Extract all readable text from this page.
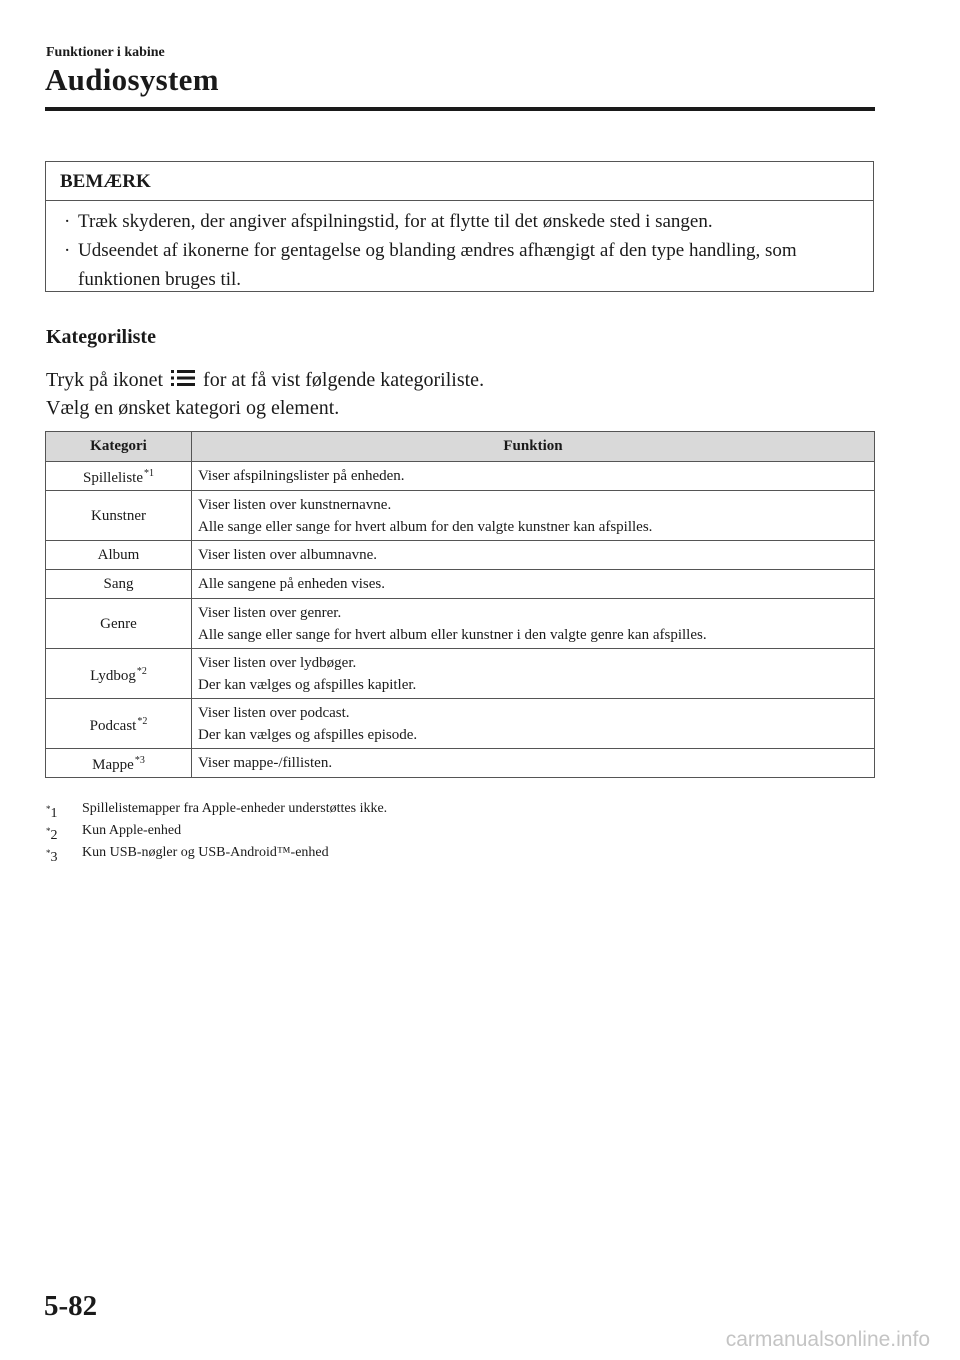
Funktioner i kabine
Audiosystem
BEMÆRK
· Træk skyderen, der angiver afspilningstid, for at flytte til det ønskede sted i sangen.
· Udseendet af ikonerne for gentagelse og blanding ændres afhængigt af den type handling, som funktionen bruges til.
Kategoriliste
Tryk på ikonet for at få vist følgende kategoriliste.
Vælg en ønsket kategori og element.
Kategori	Funktion
Spilleliste$^{*1}$	Viser afspilningslister på enheden.

Kunstner	Viser listen over kunstnernavne.
Alle sange eller sange for hvert album for den valgte kunstner kan afspilles.

Album	Viser listen over albumnavne.

Sang	Alle sangene på enheden vises.

Genre	Viser listen over genrer.
Alle sange eller sange for hvert album eller kunstner i den valgte genre kan afspilles.

Lydbog$^{*2}$	Viser listen over lydbøger.
Der kan vælges og afspilles kapitler.

Podcast$^{*2}$	Viser listen over podcast.
Der kan vælges og afspilles episode.

Mappe$^{*3}$	Viser mappe-/fillisten.
*1 Spillelistemapper fra Apple-enheder understøttes ikke.
*2 Kun Apple-enhed
*3 Kun USB-nøgler og USB-Android™-enhed
5-82
carmanualsonline.info
